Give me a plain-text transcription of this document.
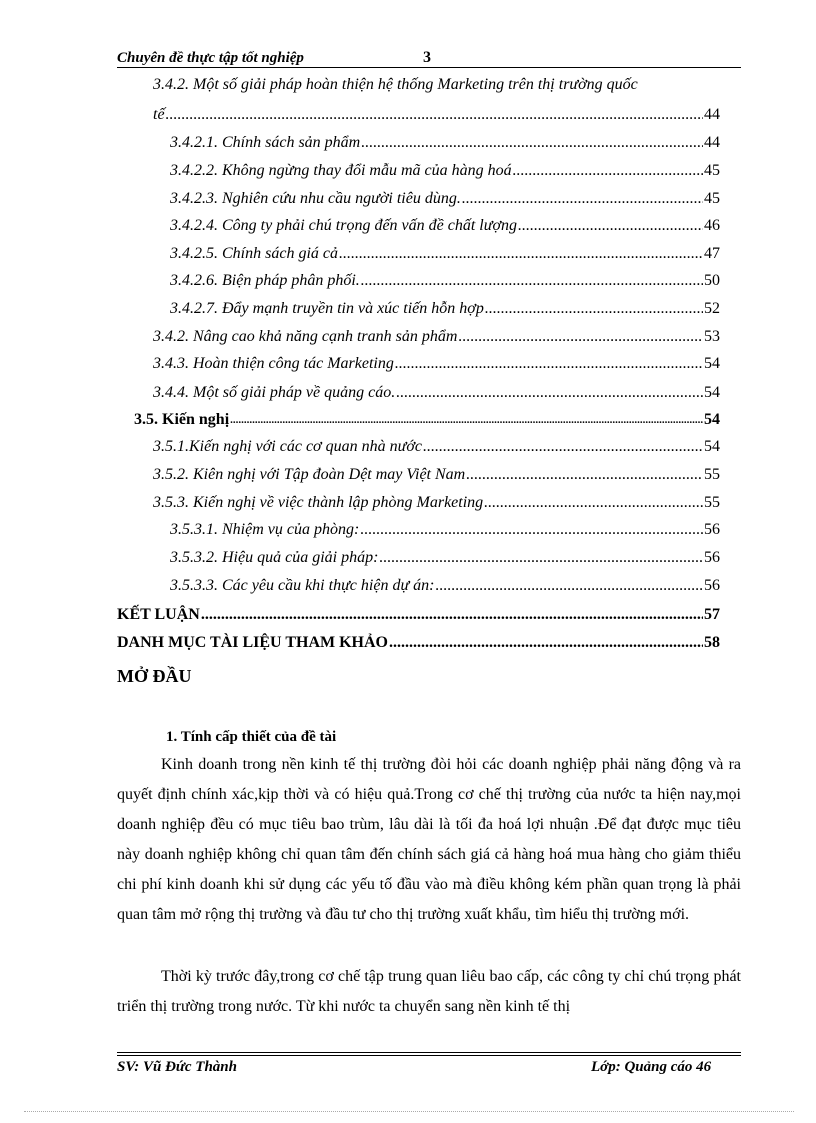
Chuyên đề thực tập tốt nghiệp	3
3.4.2. Một số giải pháp hoàn thiện hệ thống Marketing trên thị trường quốc
tế .....	44
3.4.2.1. Chính sách sản phẩm .....	44
3.4.2.2. Không ngừng thay đổi mẫu mã của hàng hoá .....	45
3.4.2.3. Nghiên cứu nhu cầu người tiêu dùng. .....	45
3.4.2.4. Công ty phải chú trọng đến vấn đề chất lượng .....	46
3.4.2.5. Chính sách giá cả .....	47
3.4.2.6. Biện pháp phân phối. .....	50
3.4.2.7. Đẩy mạnh truyền tin và xúc tiến hỗn hợp .....	52
3.4.2. Nâng cao khả năng cạnh tranh sản phẩm .....	53
3.4.3. Hoàn thiện công tác Marketing .....	54
3.4.4. Một số giải pháp về quảng cáo. .....	54
3.5. Kiến nghị .....	54
3.5.1.Kiến nghị với các cơ quan nhà nước .....	54
3.5.2. Kiên nghị với Tập đoàn Dệt may Việt Nam .....	55
3.5.3. Kiến nghị về việc thành lập phòng Marketing .....	55
3.5.3.1. Nhiệm vụ của phòng: .....	56
3.5.3.2. Hiệu quả của giải pháp: .....	56
3.5.3.3. Các yêu cầu khi thực hiện dự án: .....	56
KẾT LUẬN .....	57
DANH MỤC TÀI LIỆU THAM KHẢO .....	58
MỞ ĐẦU
1. Tính cấp thiết của đề tài
Kinh doanh trong nền kinh tế thị trường đòi hỏi các doanh nghiệp phải năng động và ra quyết định chính xác,kịp thời và có hiệu quả.Trong cơ chế thị trường của nước ta hiện nay,mọi doanh nghiệp đều có mục tiêu bao trùm, lâu dài là tối đa hoá lợi nhuận .Để đạt được mục tiêu này doanh nghiệp không chỉ quan tâm đến chính sách giá cả hàng hoá mua hàng cho giảm thiểu chi phí kinh doanh khi sử dụng các yếu tố đầu vào mà điều không kém phần quan trọng là phải quan tâm mở rộng thị trường và đầu tư cho thị trường xuất khẩu, tìm hiểu thị trường mới.
Thời kỳ trước đây,trong cơ chế tập trung quan liêu bao cấp, các công ty chỉ chú trọng phát triển thị trường trong nước. Từ khi nước ta chuyển sang nền kinh tế thị
SV: Vũ Đức Thành	Lớp: Quảng cáo 46
